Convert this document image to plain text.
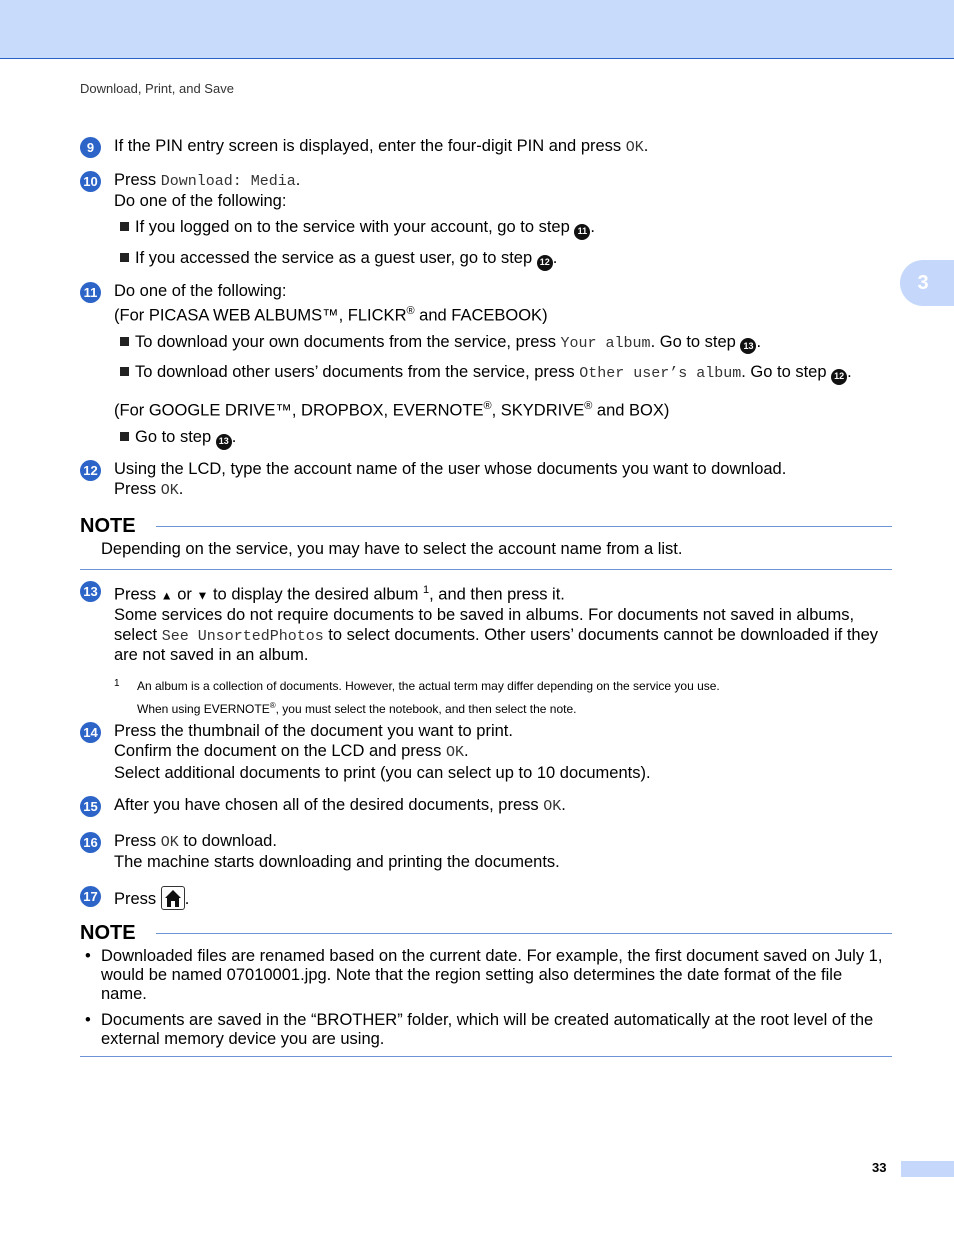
Download, Print, and Save
3
9	If the PIN entry screen is displayed, enter the four-digit PIN and press OK.

10 Press Download: Media.

Do one of the following:

If you logged on to the service with your account, go to step 11 .
If you accessed the service as a guest user, go to step 12 .
11 Do one of the following:

(For PICASA WEB ALBUMS™, FLICKR® and FACEBOOK)

To download your own documents from the service, press Your album. Go to step 13 .
To download other users’ documents from the service, press Other user’s album. Go to step 12 .

(For GOOGLE DRIVE™, DROPBOX, EVERNOTE®, SKYDRIVE® and BOX)

Go to step 13 .
12 Using the LCD, type the account name of the user whose documents you want to download.

Press OK.

NOTE
Depending on the service, you may have to select the account name from a list.
13 Press ▲ or ▼ to display the desired album $^1$, and then press it.

Some services do not require documents to be saved in albums. For documents not saved in albums, select See UnsortedPhotos to select documents. Other users’ documents cannot be downloaded if they are not saved in an album.

1 An album is a collection of documents. However, the actual term may differ depending on the service you use.
When using EVERNOTE®, you must select the notebook, and then select the note.
14 Press the thumbnail of the document you want to print.

Confirm the document on the LCD and press OK.

Select additional documents to print (you can select up to 10 documents).

15 After you have chosen all of the desired documents, press OK.

16 Press OK to download.

The machine starts downloading and printing the documents.

17 Press .

NOTE
• Downloaded files are renamed based on the current date. For example, the first document saved on July 1, would be named 07010001.jpg. Note that the region setting also determines the date format of the file name.
• Documents are saved in the “BROTHER” folder, which will be created automatically at the root level of the external memory device you are using.
33
